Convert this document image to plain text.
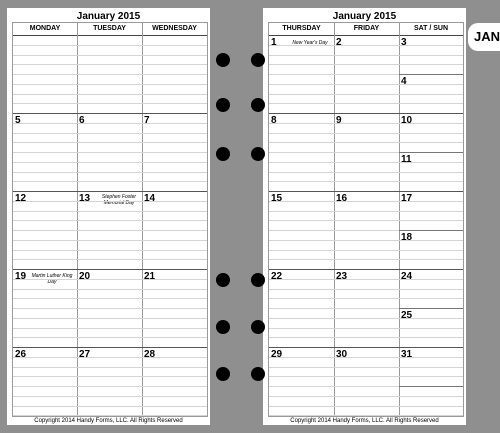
January 2015
MONDAY	TUESDAY	WEDNESDAY
5	6	7
12	13	14
Stephen Foster Memorial Day
19	20	21
Martin Luther King Day
26	27	28
Copyright 2014 Handy Forms, LLC. All Rights Reserved
January 2015
THURSDAY	FRIDAY	SAT / SUN
1	New Year's Day 2	3
4
8	9	10
11
15	16	17
18
22	23	24
25
29	30	31
Copyright 2014 Handy Forms, LLC. All Rights Reserved
JAN
